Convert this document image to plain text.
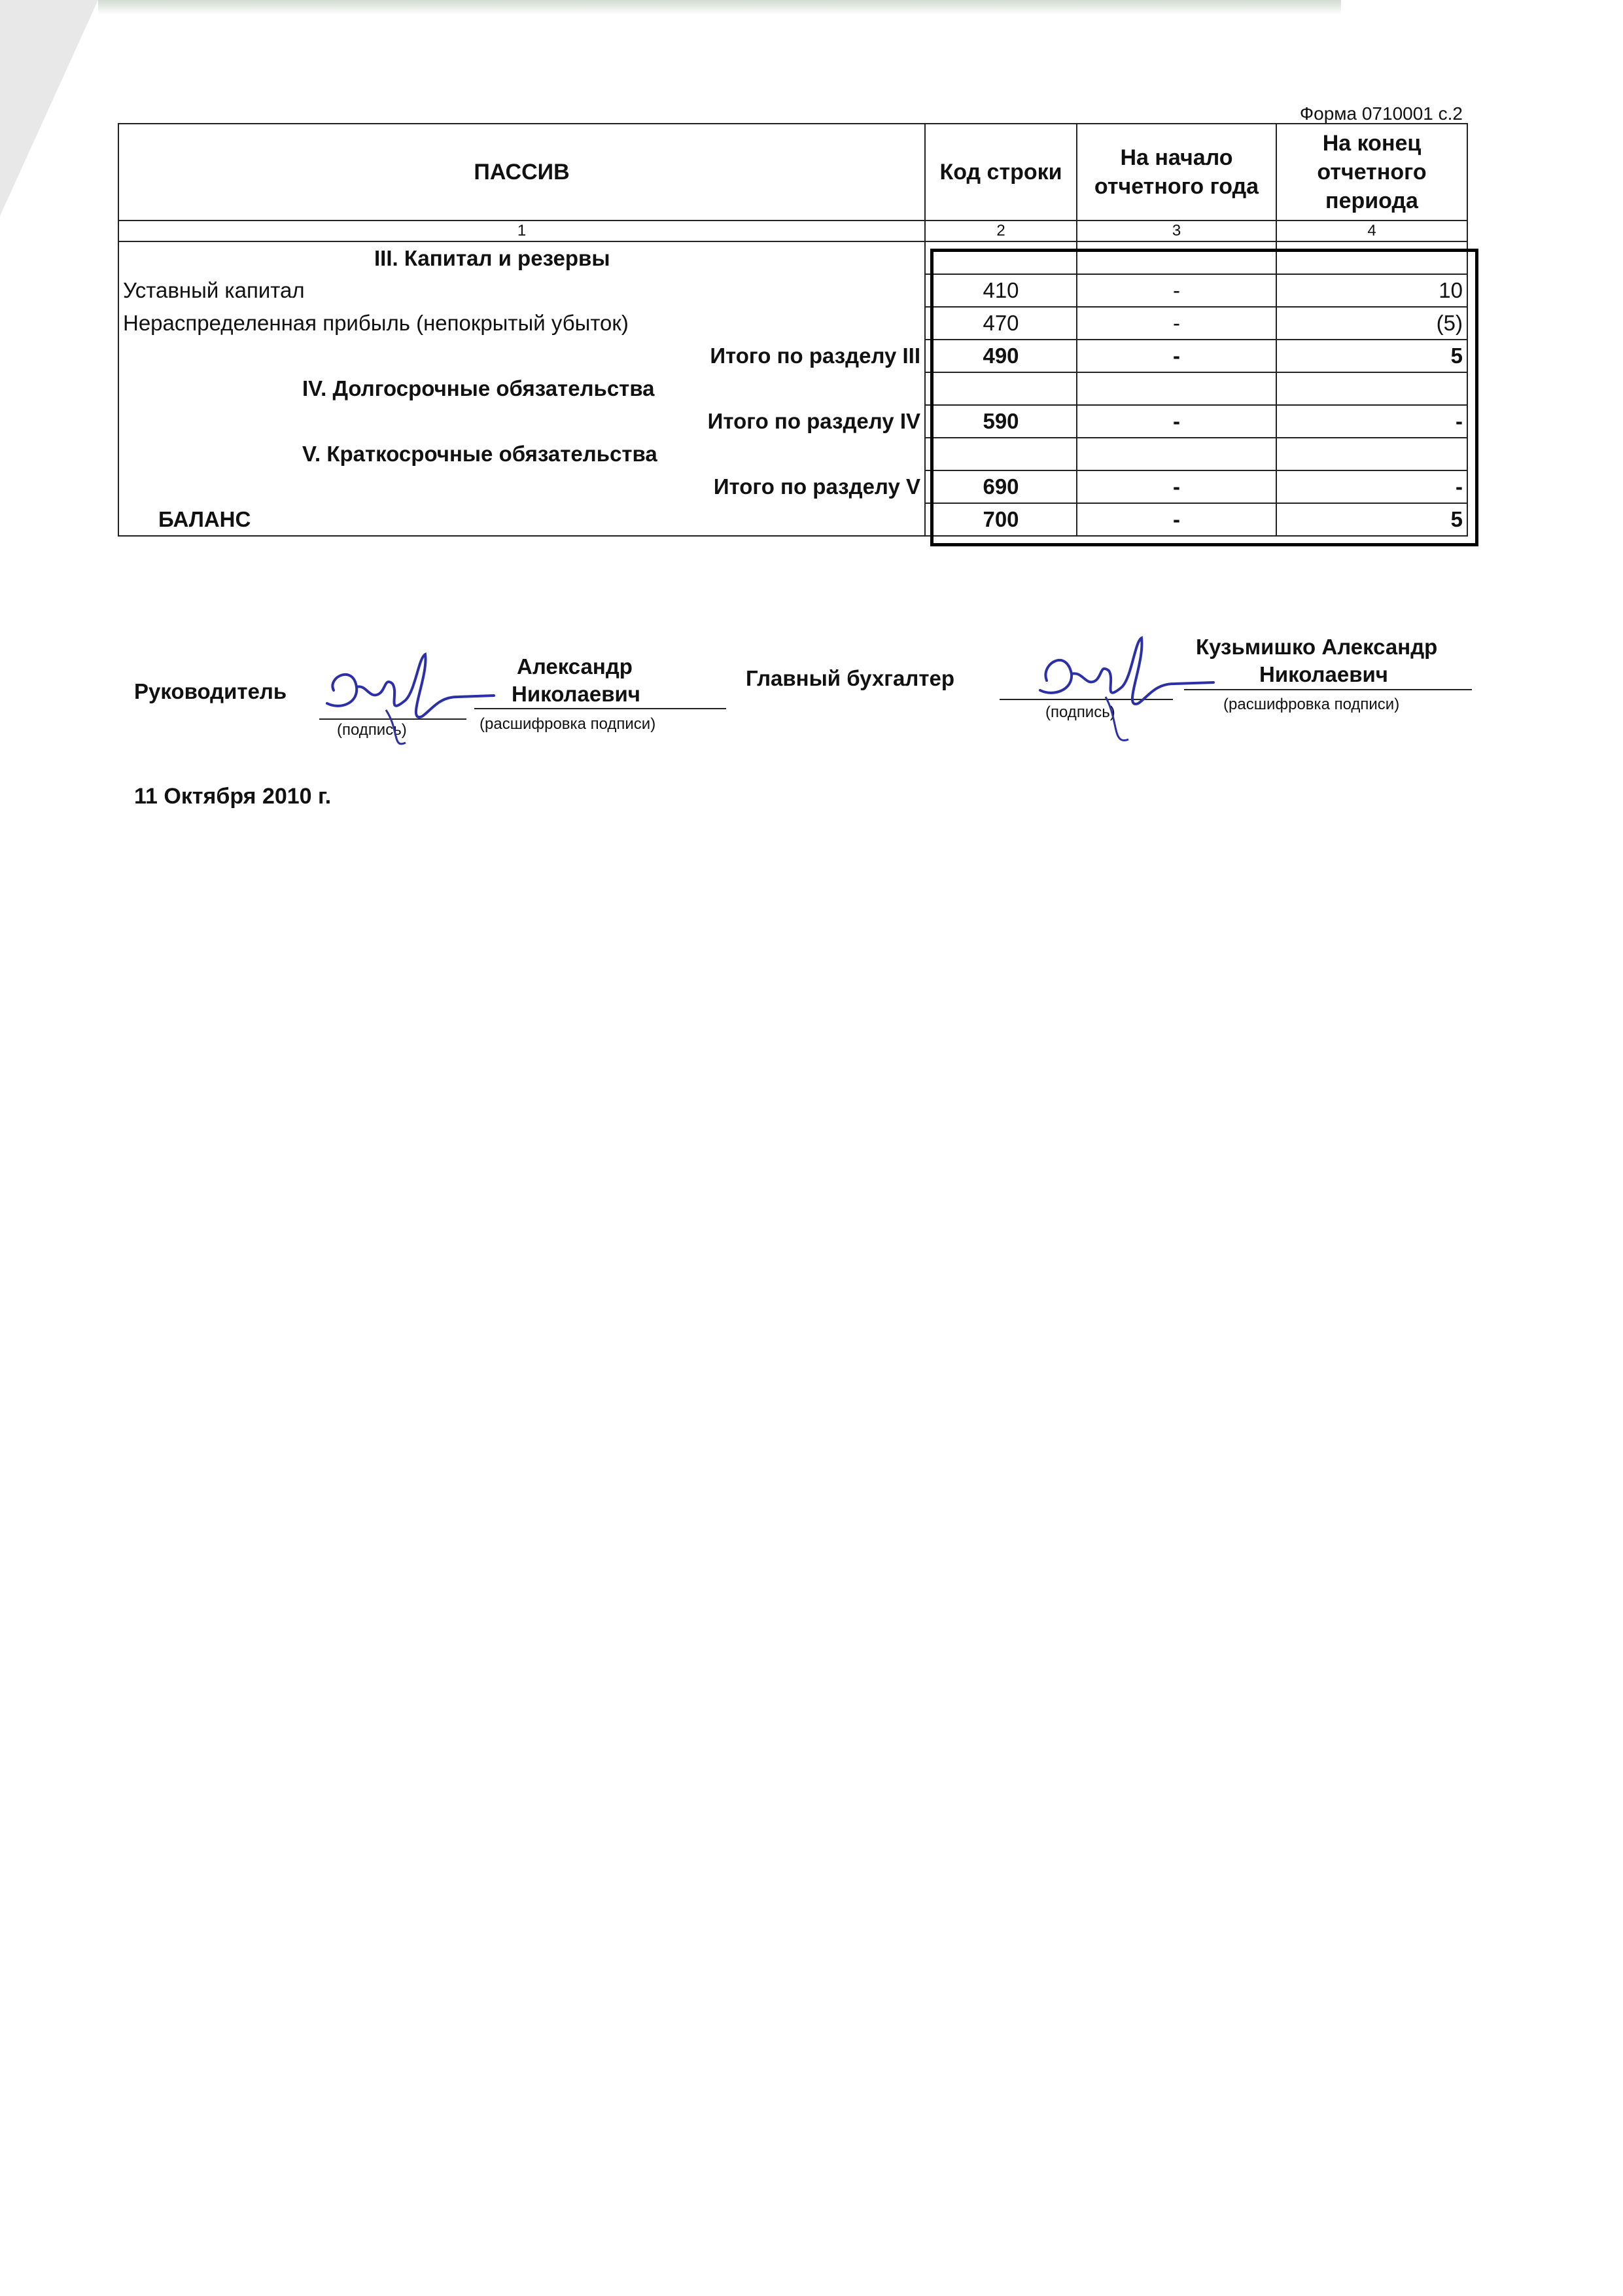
Форма 0710001 с.2
ПАССИВ	Код строки	На начало отчетного года	На конец отчетного периода
1	2	3	4
III. Капитал и резервы			
Уставный капитал	410	-	10
Нераспределенная прибыль (непокрытый убыток)	470	-	(5)
Итого по разделу III	490	-	5
IV. Долгосрочные обязательства			
Итого по разделу IV	590	-	-
V. Краткосрочные обязательства			
Итого по разделу V	690	-	-
БАЛАНС	700	-	5
Руководитель
(подпись)	(расшифровка подписи)
Александр
Николаевич
Главный бухгалтер
(подпись)	(расшифровка подписи)
Кузьмишко Александр
Николаевич
11 Октября 2010 г.
